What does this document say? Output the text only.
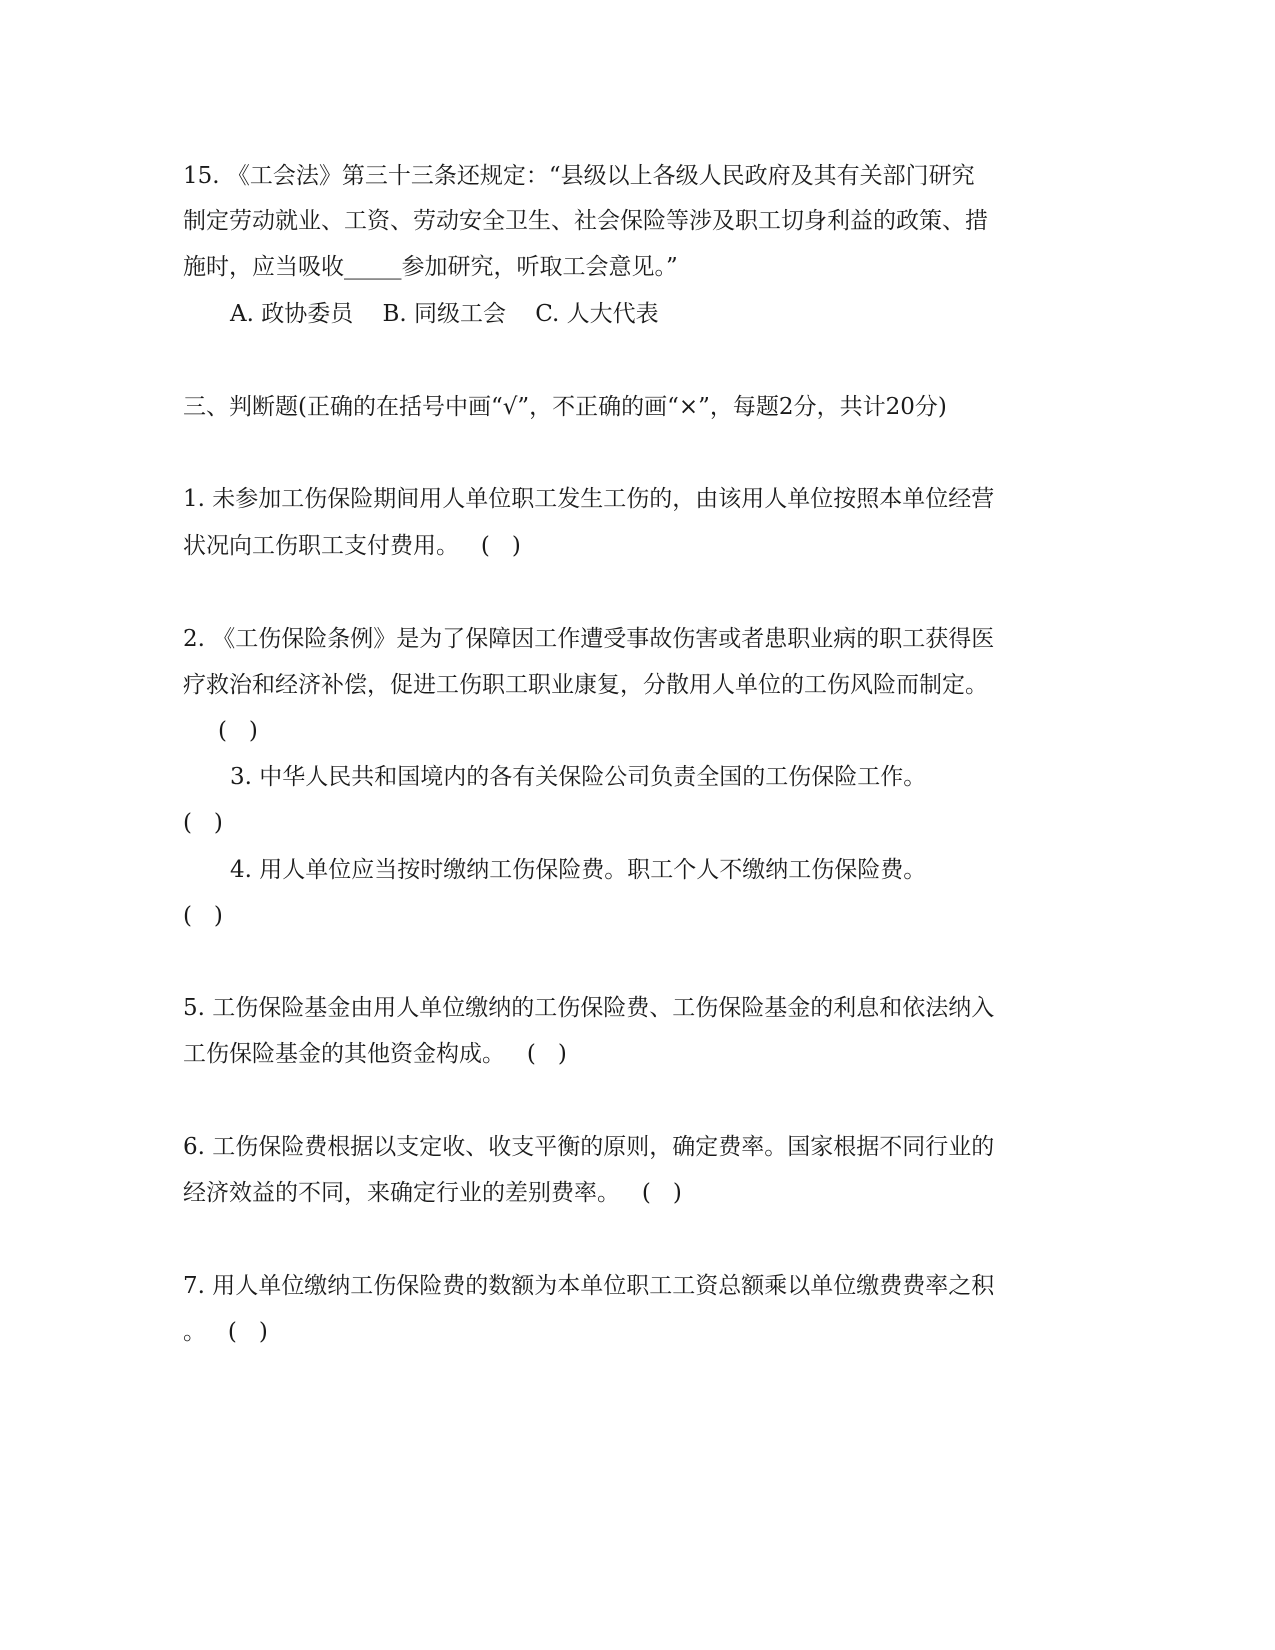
15. 《工会法》第三十三条还规定：“县级以上各级人民政府及其有关部门研究
制定劳动就业、工资、劳动安全卫生、社会保险等涉及职工切身利益的政策、措
施时，应当吸收_____参加研究，听取工会意见。”
A. 政协委员    B. 同级工会    C. 人大代表
三、判断题(正确的在括号中画“√”，不正确的画“×”，每题2分，共计20分)
1. 未参加工伤保险期间用人单位职工发生工伤的，由该用人单位按照本单位经营
状况向工伤职工支付费用。   (   )
2. 《工伤保险条例》是为了保障因工作遭受事故伤害或者患职业病的职工获得医
疗救治和经济补偿，促进工伤职工职业康复，分散用人单位的工伤风险而制定。
(   )
3. 中华人民共和国境内的各有关保险公司负责全国的工伤保险工作。
(   )
4. 用人单位应当按时缴纳工伤保险费。职工个人不缴纳工伤保险费。
(   )
5. 工伤保险基金由用人单位缴纳的工伤保险费、工伤保险基金的利息和依法纳入
工伤保险基金的其他资金构成。   (   )
6. 工伤保险费根据以支定收、收支平衡的原则，确定费率。国家根据不同行业的
经济效益的不同，来确定行业的差别费率。   (   )
7. 用人单位缴纳工伤保险费的数额为本单位职工工资总额乘以单位缴费费率之积
。   (   )
